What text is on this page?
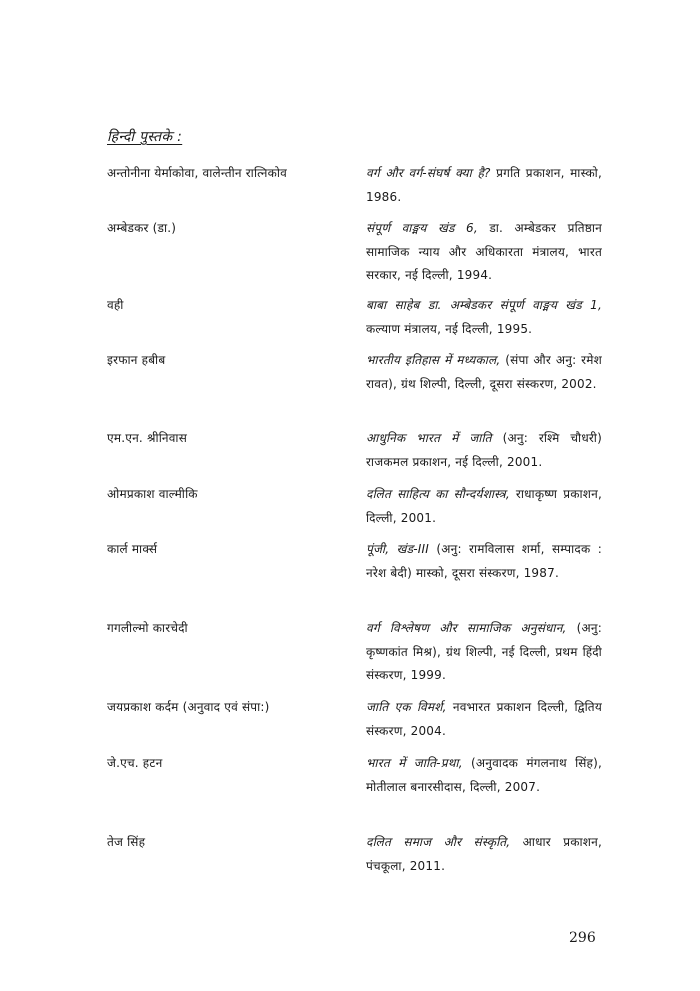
हिन्दी पुस्तके :
अन्तोनीना येर्माकोवा, वालेन्तीन रात्निकोव	वर्ग और वर्ग-संघर्ष क्या है? प्रगति प्रकाशन, मास्को, 1986.
अम्बेडकर (डा.)	संपूर्ण वाङ्मय खंड 6, डा. अम्बेडकर प्रतिष्ठान सामाजिक न्याय और अधिकारता मंत्रालय, भारत सरकार, नई दिल्ली, 1994.
वही	बाबा साहेब डा. अम्बेडकर संपूर्ण वाङ्मय खंड 1, कल्याण मंत्रालय, नई दिल्ली, 1995.
इरफान हबीब	भारतीय इतिहास में मध्यकाल, (संपा और अनु: रमेश रावत), ग्रंथ शिल्पी, दिल्ली, दूसरा संस्करण, 2002.
एम.एन. श्रीनिवास	आधुनिक भारत में जाति (अनु: रश्मि चौधरी) राजकमल प्रकाशन, नई दिल्ली, 2001.
ओमप्रकाश वाल्मीकि	दलित साहित्य का सौन्दर्यशास्त्र, राधाकृष्ण प्रकाशन, दिल्ली, 2001.
कार्ल मार्क्स	पूंजी, खंड-III (अनु: रामविलास शर्मा, सम्पादक : नरेश बेदी) मास्को, दूसरा संस्करण, 1987.
गगलील्मो कारचेदी	वर्ग विश्लेषण और सामाजिक अनुसंधान, (अनु: कृष्णकांत मिश्र), ग्रंथ शिल्पी, नई दिल्ली, प्रथम हिंदी संस्करण, 1999.
जयप्रकाश कर्दम (अनुवाद एवं संपा:)	जाति एक विमर्श, नवभारत प्रकाशन दिल्ली, द्वितिय संस्करण, 2004.
जे.एच. हटन	भारत में जाति-प्रथा, (अनुवादक मंगलनाथ सिंह), मोतीलाल बनारसीदास, दिल्ली, 2007.
तेज सिंह	दलित समाज और संस्कृति, आधार प्रकाशन, पंचकूला, 2011.
296
